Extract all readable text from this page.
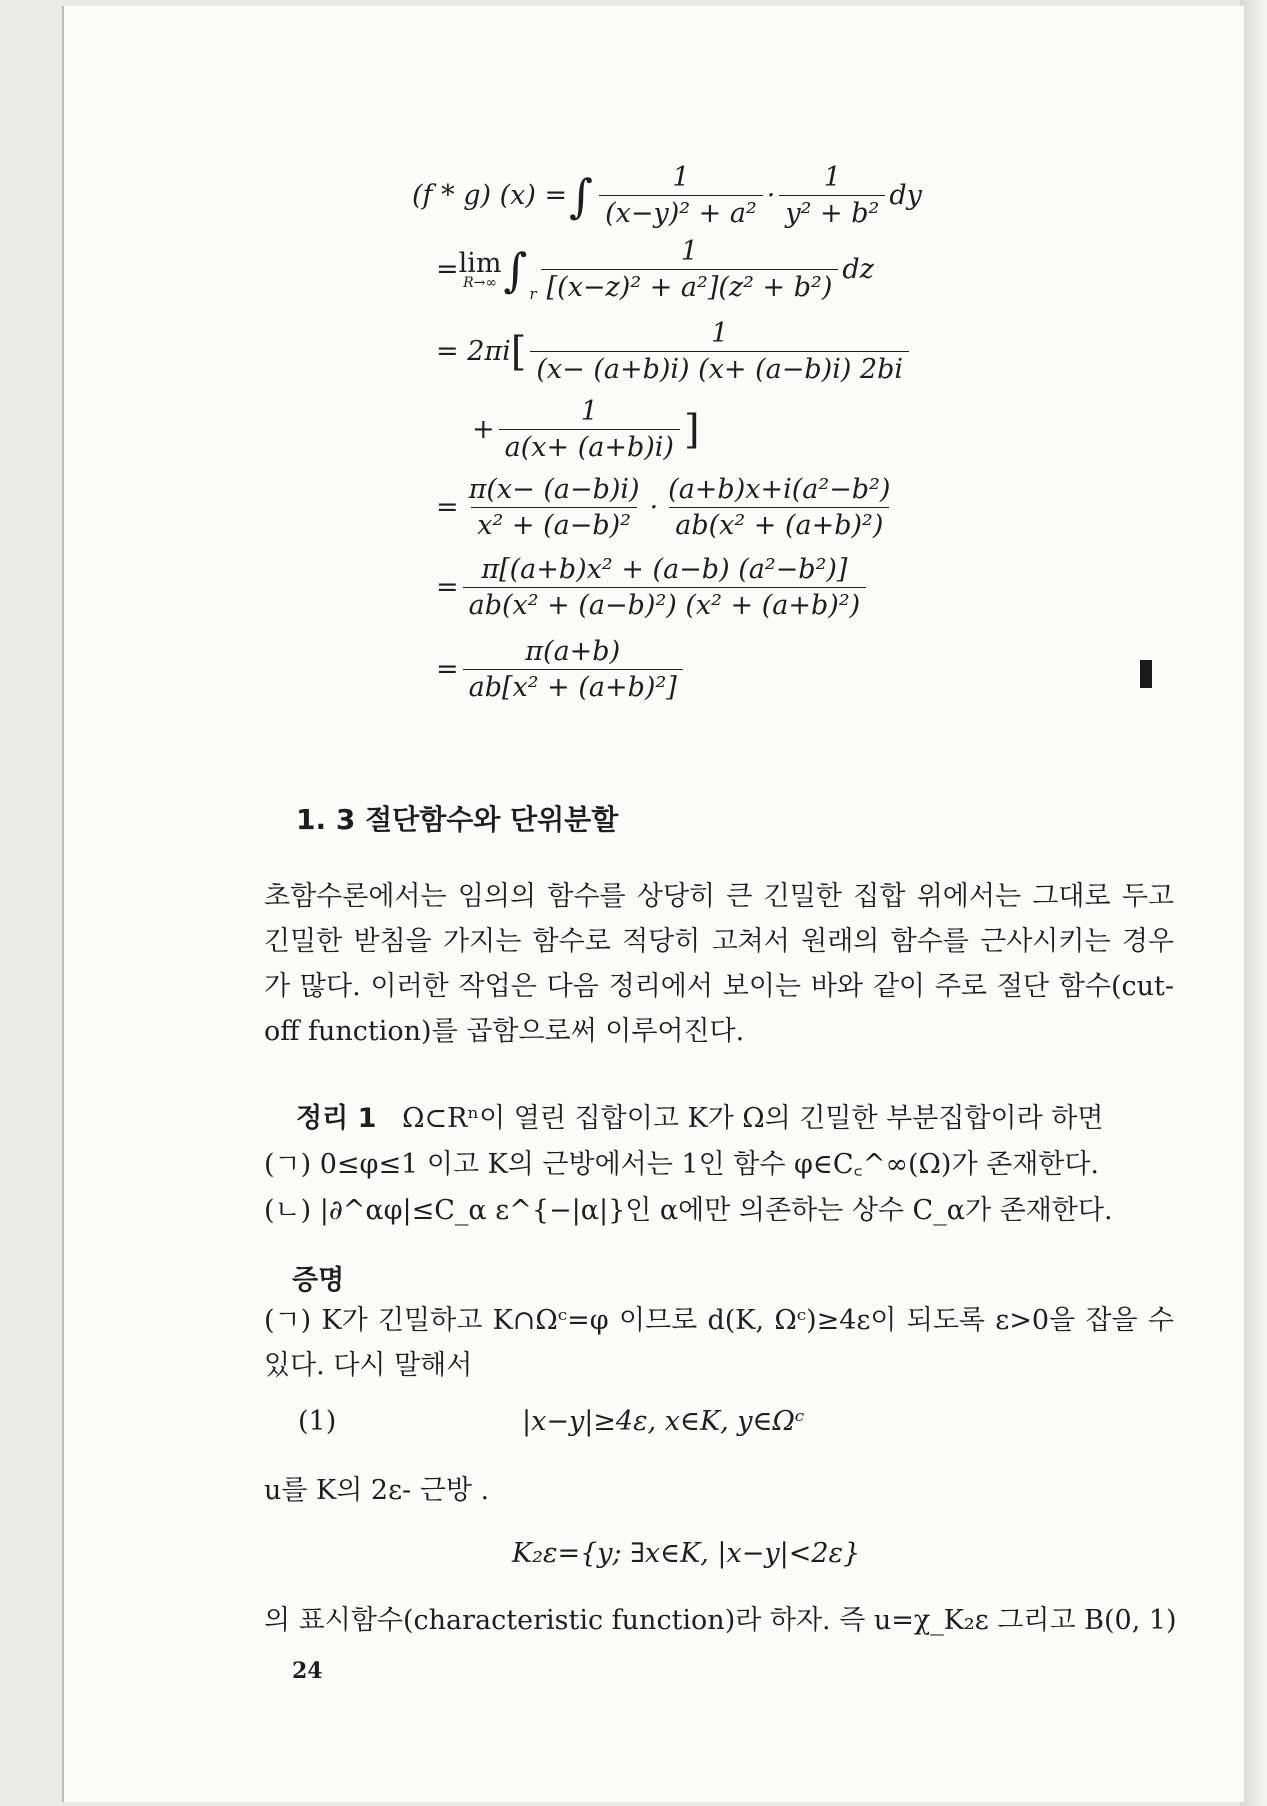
(f * g) (x) = ∫ $\frac{1}{\text{(x−y)² + a²}} \cdot \frac{1}{\text{y² + b²}}$ dy
= lim
R→∞ ∫ r $\frac{1}{\text{[(x−z)² + a²](z² + b²)}}$ dz
= 2πi [ $\frac{1}{(x- (a+b)i) (x+ (a-b)i) 2bi}$
+ $\frac{1}{a(x+ (a+b)i)}$ ]
= $\frac{\pi(x- (a-b)i)}{\text{x² + (a−b)²}} \cdot \frac{\text{(a+b)x+i(a²−b²)}}{\text{ab(x² + (a+b)²)}}$
= $\frac{\text{π[(a+b)x² + (a−b) (a²−b²)]}}{\text{ab(x² + (a−b)²) (x² + (a+b)²)}}$
= $\frac{\pi(a+b)}{\text{ab[x² + (a+b)²]}}$
1. 3 절단함수와 단위분할
초함수론에서는 임의의 함수를 상당히 큰 긴밀한 집합 위에서는 그대로 두고 긴밀한 받침을 가지는 함수로 적당히 고쳐서 원래의 함수를 근사시키는 경우가 많다. 이러한 작업은 다음 정리에서 보이는 바와 같이 주로 절단 함수(cut-off function)를 곱함으로써 이루어진다.
정리 1 Ω⊂Rⁿ이 열린 집합이고 K가 Ω의 긴밀한 부분집합이라 하면
(ㄱ) 0≤φ≤1 이고 K의 근방에서는 1인 함수 φ∈C꜀^∞(Ω)가 존재한다.
(ㄴ) |∂^αφ|≤C_α ε^{−|α|}인 α에만 의존하는 상수 C_α가 존재한다.
증명
(ㄱ) K가 긴밀하고 K∩Ωᶜ=φ 이므로 d(K, Ωᶜ)≥4ε이 되도록 ε>0을 잡을 수 있다. 다시 말해서
(1)	|x−y|≥4ε, x∈K, y∈Ωᶜ
u를 K의 2ε- 근방 .
K₂ε={y; ∃x∈K, |x−y|<2ε}
의 표시함수(characteristic function)라 하자. 즉 u=χ_K₂ε 그리고 B(0, 1)
24
